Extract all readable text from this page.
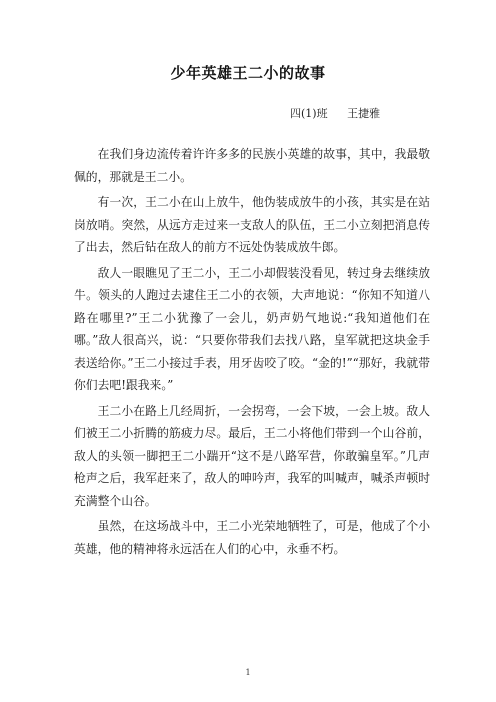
少年英雄王二小的故事
四(1)班 王捷雅

在我们身边流传着许许多多的民族小英雄的故事，其中，我最敬佩的，那就是王二小。

有一次，王二小在山上放牛，他伪装成放牛的小孩，其实是在站岗放哨。突然，从远方走过来一支敌人的队伍，王二小立刻把消息传了出去，然后钻在敌人的前方不远处伪装成放牛郎。

敌人一眼瞧见了王二小，王二小却假装没看见，转过身去继续放牛。领头的人跑过去逮住王二小的衣领，大声地说：“你知不知道八路在哪里?”王二小犹豫了一会儿，奶声奶气地说:“我知道他们在哪。”敌人很高兴，说：“只要你带我们去找八路，皇军就把这块金手表送给你。”王二小接过手表，用牙齿咬了咬。“金的!”“那好，我就带你们去吧!跟我来。”

王二小在路上几经周折，一会拐弯，一会下坡，一会上坡。敌人们被王二小折腾的筋疲力尽。最后，王二小将他们带到一个山谷前，敌人的头领一脚把王二小踹开“这不是八路军营，你敢骗皇军。”几声枪声之后，我军赶来了，敌人的呻吟声，我军的叫喊声，喊杀声顿时充满整个山谷。

虽然，在这场战斗中，王二小光荣地牺牲了，可是，他成了个小英雄，他的精神将永远活在人们的心中，永垂不朽。

1
